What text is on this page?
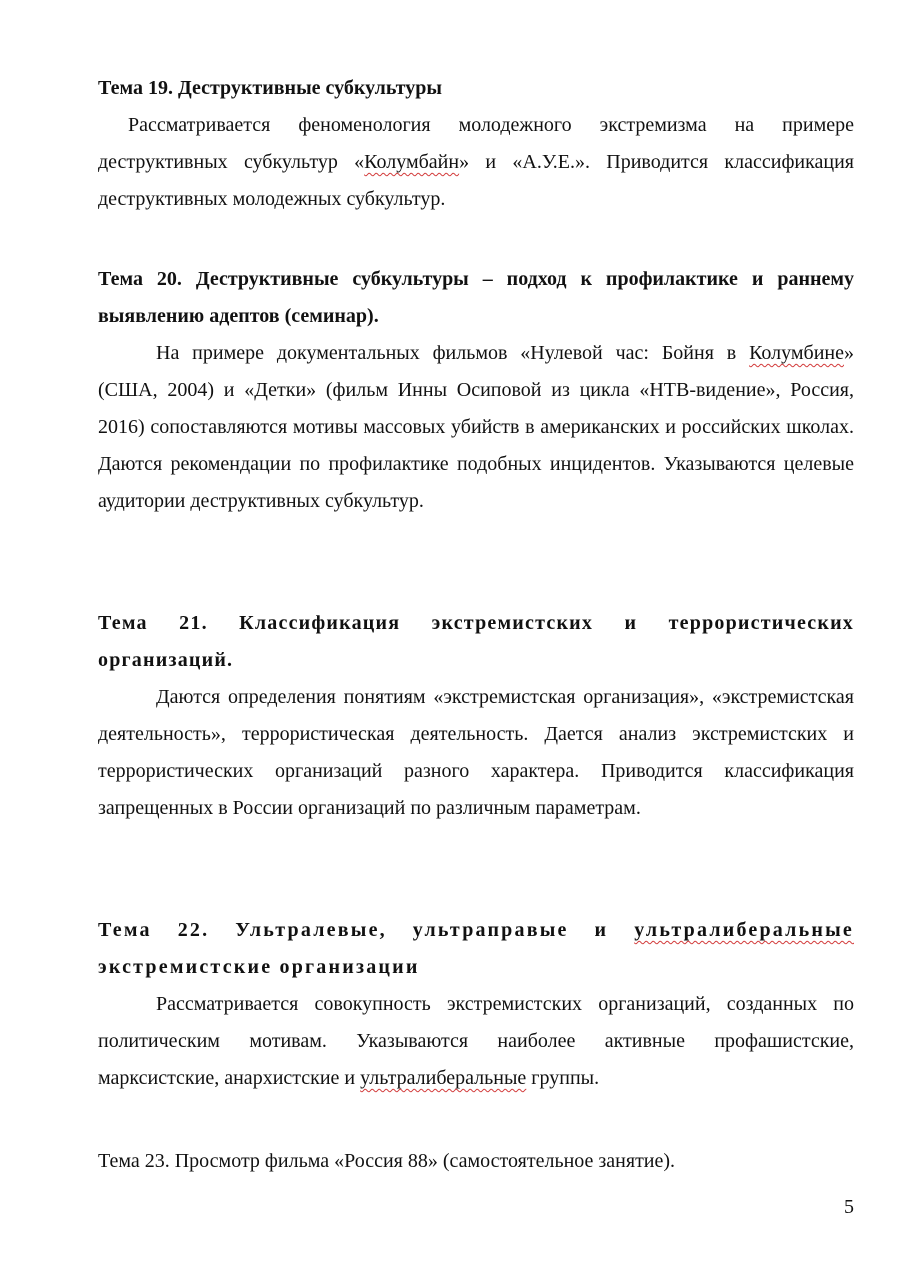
Тема 19. Деструктивные субкультуры

Рассматривается феноменология молодежного экстремизма на примере деструктивных субкультур «Колумбайн» и «А.У.Е.». Приводится классификация деструктивных молодежных субкультур.

Тема 20. Деструктивные субкультуры – подход к профилактике и раннему выявлению адептов (семинар).

На примере документальных фильмов «Нулевой час: Бойня в Колумбине» (США, 2004) и «Детки» (фильм Инны Осиповой из цикла «НТВ-видение», Россия, 2016) сопоставляются мотивы массовых убийств в американских и российских школах. Даются рекомендации по профилактике подобных инцидентов. Указываются целевые аудитории деструктивных субкультур.

Тема 21. Классификация экстремистских и террористических организаций.

Даются определения понятиям «экстремистская организация», «экстремистская деятельность», террористическая деятельность. Дается анализ экстремистских и террористических организаций разного характера. Приводится классификация запрещенных в России организаций по различным параметрам.

Тема 22. Ультралевые, ультраправые и ультралиберальные экстремистские организации

Рассматривается совокупность экстремистских организаций, созданных по политическим мотивам. Указываются наиболее активные профашистские, марксистские, анархистские и ультралиберальные группы.

Тема 23. Просмотр фильма «Россия 88» (самостоятельное занятие).

5
